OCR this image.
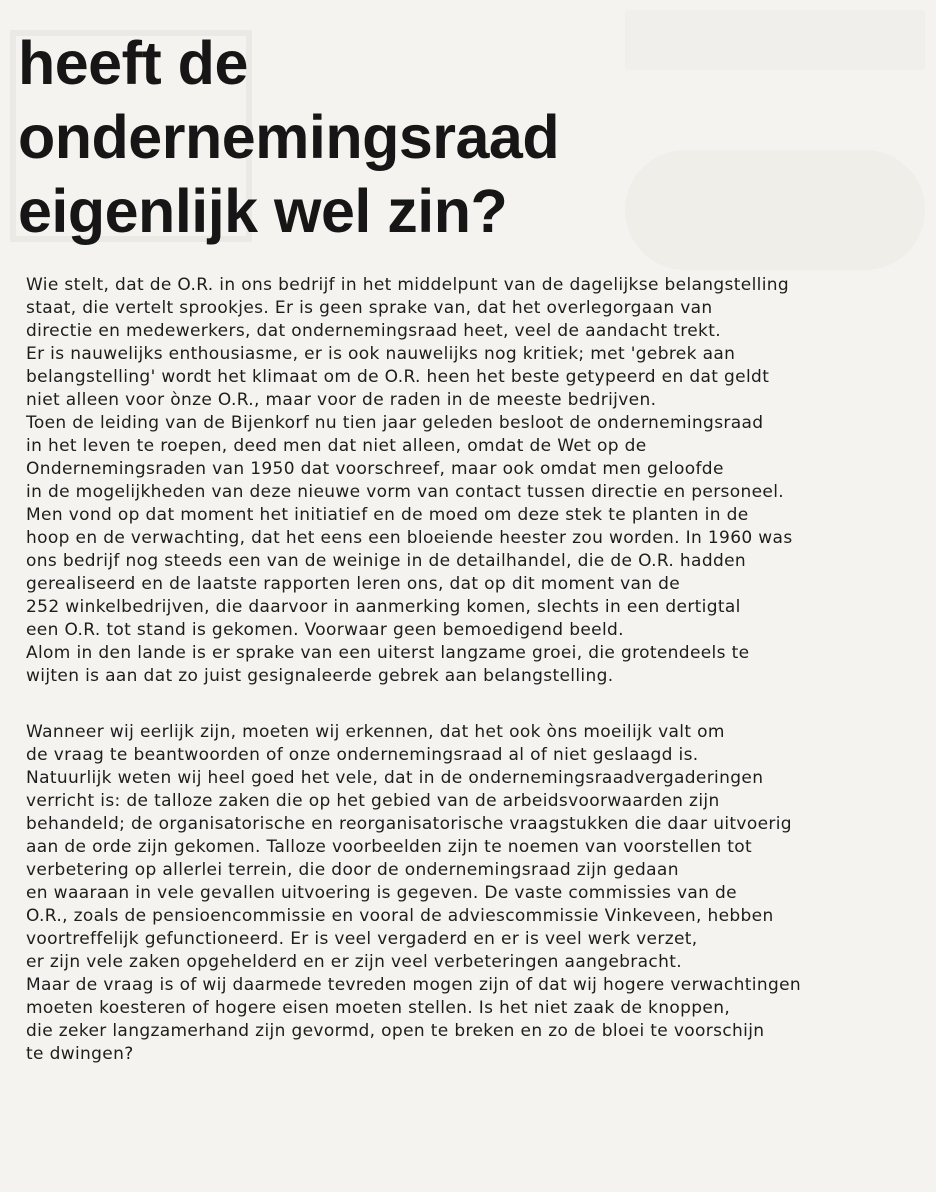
heeft de
ondernemingsraad
eigenlijk wel zin?
Wie stelt, dat de O.R. in ons bedrijf in het middelpunt van de dagelijkse belangstelling
staat, die vertelt sprookjes. Er is geen sprake van, dat het overlegorgaan van
directie en medewerkers, dat ondernemingsraad heet, veel de aandacht trekt.
Er is nauwelijks enthousiasme, er is ook nauwelijks nog kritiek; met 'gebrek aan
belangstelling' wordt het klimaat om de O.R. heen het beste getypeerd en dat geldt
niet alleen voor ònze O.R., maar voor de raden in de meeste bedrijven.
Toen de leiding van de Bijenkorf nu tien jaar geleden besloot de ondernemingsraad
in het leven te roepen, deed men dat niet alleen, omdat de Wet op de
Ondernemingsraden van 1950 dat voorschreef, maar ook omdat men geloofde
in de mogelijkheden van deze nieuwe vorm van contact tussen directie en personeel.
Men vond op dat moment het initiatief en de moed om deze stek te planten in de
hoop en de verwachting, dat het eens een bloeiende heester zou worden. In 1960 was
ons bedrijf nog steeds een van de weinige in de detailhandel, die de O.R. hadden
gerealiseerd en de laatste rapporten leren ons, dat op dit moment van de
252 winkelbedrijven, die daarvoor in aanmerking komen, slechts in een dertigtal
een O.R. tot stand is gekomen. Voorwaar geen bemoedigend beeld.
Alom in den lande is er sprake van een uiterst langzame groei, die grotendeels te
wijten is aan dat zo juist gesignaleerde gebrek aan belangstelling.
Wanneer wij eerlijk zijn, moeten wij erkennen, dat het ook òns moeilijk valt om
de vraag te beantwoorden of onze ondernemingsraad al of niet geslaagd is.
Natuurlijk weten wij heel goed het vele, dat in de ondernemingsraadvergaderingen
verricht is: de talloze zaken die op het gebied van de arbeidsvoorwaarden zijn
behandeld; de organisatorische en reorganisatorische vraagstukken die daar uitvoerig
aan de orde zijn gekomen. Talloze voorbeelden zijn te noemen van voorstellen tot
verbetering op allerlei terrein, die door de ondernemingsraad zijn gedaan
en waaraan in vele gevallen uitvoering is gegeven. De vaste commissies van de
O.R., zoals de pensioencommissie en vooral de adviescommissie Vinkeveen, hebben
voortreffelijk gefunctioneerd. Er is veel vergaderd en er is veel werk verzet,
er zijn vele zaken opgehelderd en er zijn veel verbeteringen aangebracht.
Maar de vraag is of wij daarmede tevreden mogen zijn of dat wij hogere verwachtingen
moeten koesteren of hogere eisen moeten stellen. Is het niet zaak de knoppen,
die zeker langzamerhand zijn gevormd, open te breken en zo de bloei te voorschijn
te dwingen?
